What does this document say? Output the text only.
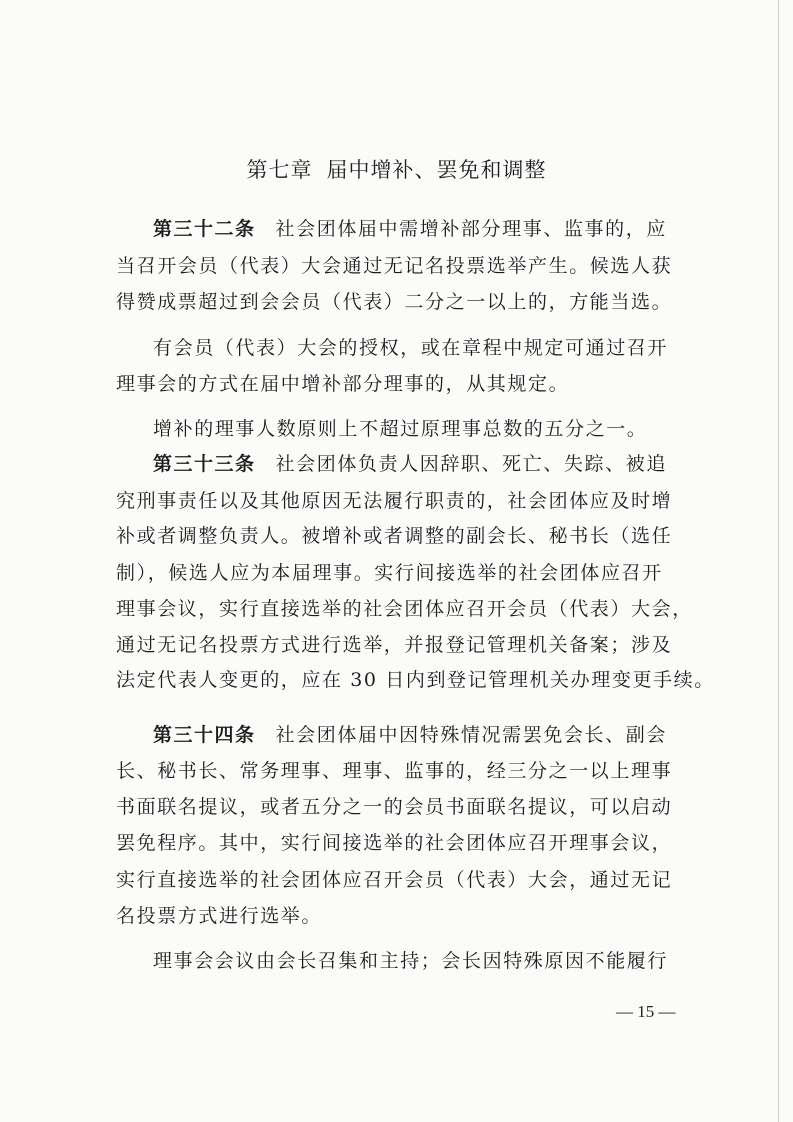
第七章 届中增补、罢免和调整
第三十二条 社会团体届中需增补部分理事、监事的，应
当召开会员（代表）大会通过无记名投票选举产生。候选人获
得赞成票超过到会会员（代表）二分之一以上的，方能当选。
有会员（代表）大会的授权，或在章程中规定可通过召开
理事会的方式在届中增补部分理事的，从其规定。
增补的理事人数原则上不超过原理事总数的五分之一。
第三十三条 社会团体负责人因辞职、死亡、失踪、被追
究刑事责任以及其他原因无法履行职责的，社会团体应及时增
补或者调整负责人。被增补或者调整的副会长、秘书长（选任
制），候选人应为本届理事。实行间接选举的社会团体应召开
理事会议，实行直接选举的社会团体应召开会员（代表）大会，
通过无记名投票方式进行选举，并报登记管理机关备案；涉及
法定代表人变更的，应在 30 日内到登记管理机关办理变更手续。
第三十四条 社会团体届中因特殊情况需罢免会长、副会
长、秘书长、常务理事、理事、监事的，经三分之一以上理事
书面联名提议，或者五分之一的会员书面联名提议，可以启动
罢免程序。其中，实行间接选举的社会团体应召开理事会议，
实行直接选举的社会团体应召开会员（代表）大会，通过无记
名投票方式进行选举。
理事会会议由会长召集和主持；会长因特殊原因不能履行
— 15 —
